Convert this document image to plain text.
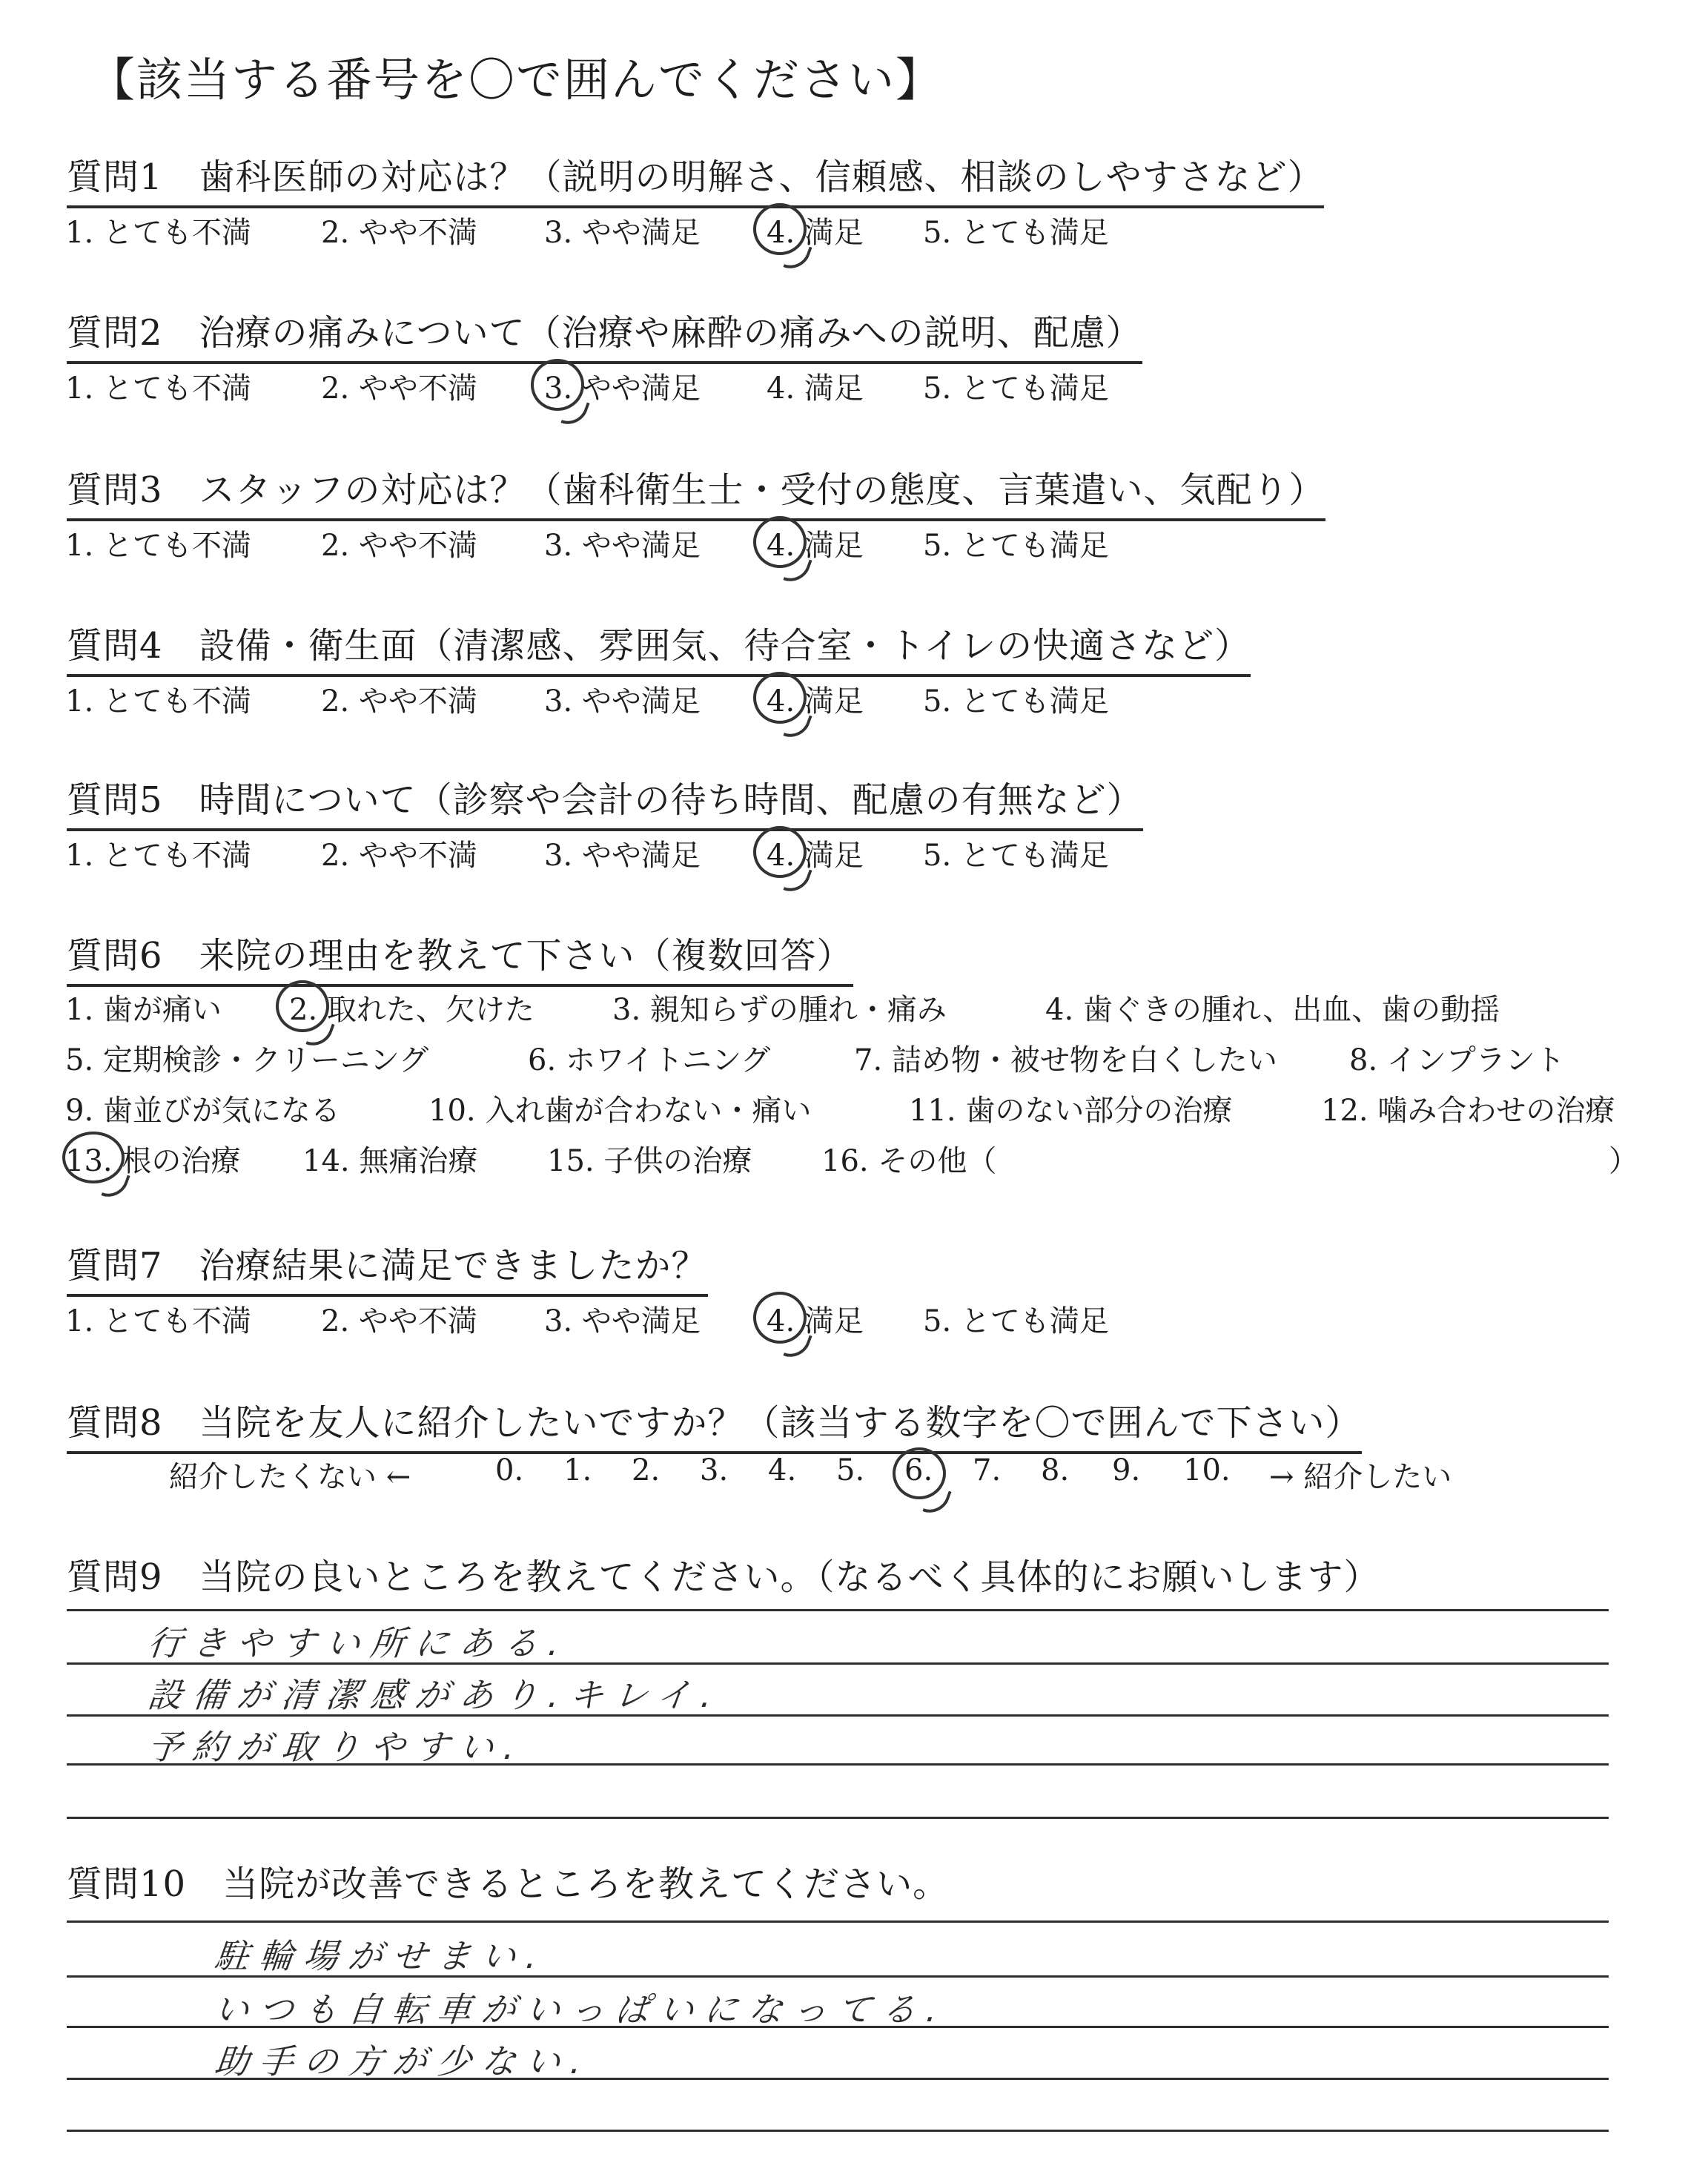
【該当する番号を〇で囲んでください】
質問1　歯科医師の対応は？（説明の明解さ、信頼感、相談のしやすさなど）
1. とても不満 2. やや不満 3. やや満足 4. 満足 5. とても満足
質問2　治療の痛みについて（治療や麻酔の痛みへの説明、配慮）
1. とても不満 2. やや不満 3. やや満足 4. 満足 5. とても満足
質問3　スタッフの対応は？（歯科衛生士・受付の態度、言葉遣い、気配り）
1. とても不満 2. やや不満 3. やや満足 4. 満足 5. とても満足
質問4　設備・衛生面（清潔感、雰囲気、待合室・トイレの快適さなど）
1. とても不満 2. やや不満 3. やや満足 4. 満足 5. とても満足
質問5　時間について（診察や会計の待ち時間、配慮の有無など）
1. とても不満 2. やや不満 3. やや満足 4. 満足 5. とても満足
質問6　来院の理由を教えて下さい（複数回答）
1. 歯が痛い 2. 取れた、欠けた	3. 親知らずの腫れ・痛み	4. 歯ぐきの腫れ、出血、歯の動揺
5. 定期検診・クリーニング	6. ホワイトニング	7. 詰め物・被せ物を白くしたい 8. インプラント
9. 歯並びが気になる	10. 入れ歯が合わない・痛い	11. 歯のない部分の治療	12. 噛み合わせの治療
13. 根の治療 14. 無痛治療 15. 子供の治療 16. その他（	）
質問7　治療結果に満足できましたか？
1. とても不満 2. やや不満 3. やや満足 4. 満足 5. とても満足
質問8　当院を友人に紹介したいですか？（該当する数字を〇で囲んで下さい）
紹介したくない ←	0. 1. 2. 3. 4. 5. 6. 7. 8. 9. 10. → 紹介したい
質問9　当院の良いところを教えてください。（なるべく具体的にお願いします）
行きやすい所にある.
設備が清潔感があり.キレイ.
予約が取りやすい.
質問10　当院が改善できるところを教えてください。
駐輪場がせまい.
いつも自転車がいっぱいになってる.
助手の方が少ない.
